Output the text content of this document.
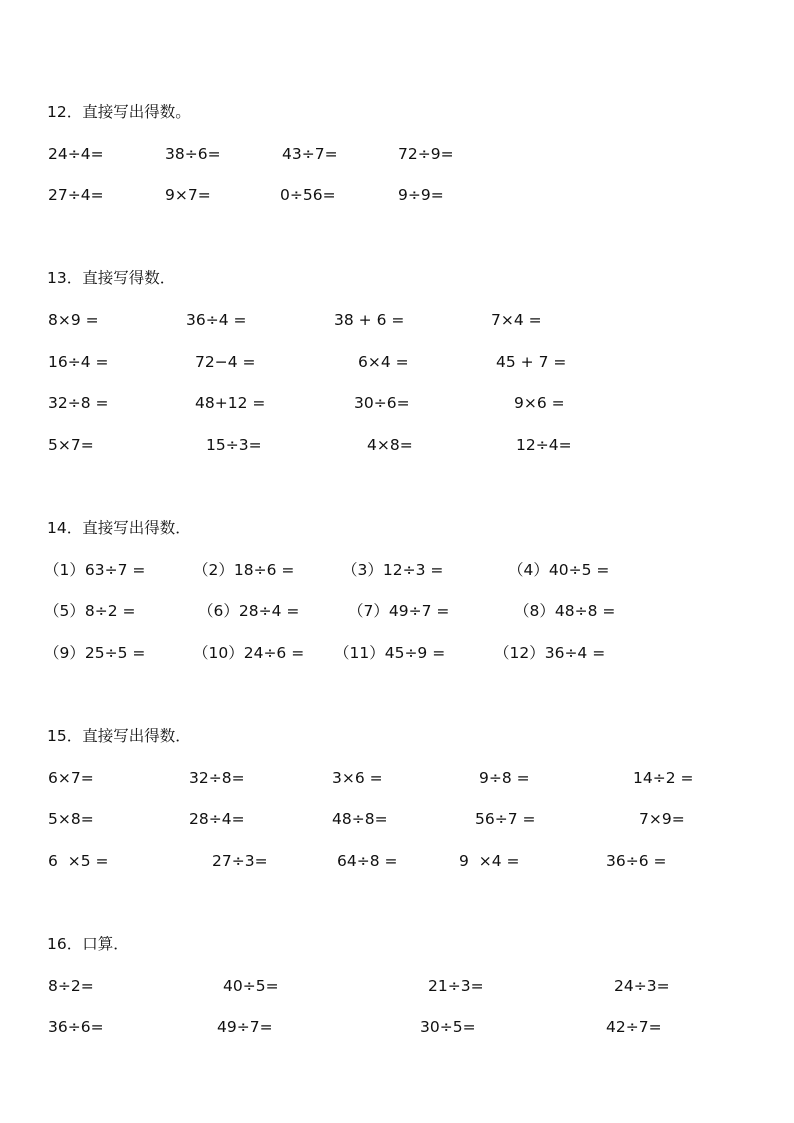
12．直接写出得数。
24÷4=	38÷6=	43÷7=	72÷9=
27÷4=	9×7=	0÷56=	9÷9=
13．直接写得数．
8×9 =	36÷4 =	38 + 6 =	7×4 =
16÷4 =	72−4 =	6×4 =	45 + 7 =
32÷8 =	48+12 =	30÷6=	9×6 =
5×7=	15÷3=	4×8=	12÷4=
14．直接写出得数．
（1）63÷7 =	（2）18÷6 =	（3）12÷3 =	（4）40÷5 =
（5）8÷2 =	（6）28÷4 =	（7）49÷7 =	（8）48÷8 =
（9）25÷5 =	（10）24÷6 = （11）45÷9 =	（12）36÷4 =
15．直接写出得数．
6×7=	32÷8=	3×6 =	9÷8 =	14÷2 =
5×8=	28÷4=	48÷8=	56÷7 =	7×9=
6  ×5 =	27÷3=	64÷8 =	9  ×4 =	36÷6 =
16．口算．
8÷2=	40÷5=	21÷3=	24÷3=
36÷6=	49÷7=	30÷5=	42÷7=
